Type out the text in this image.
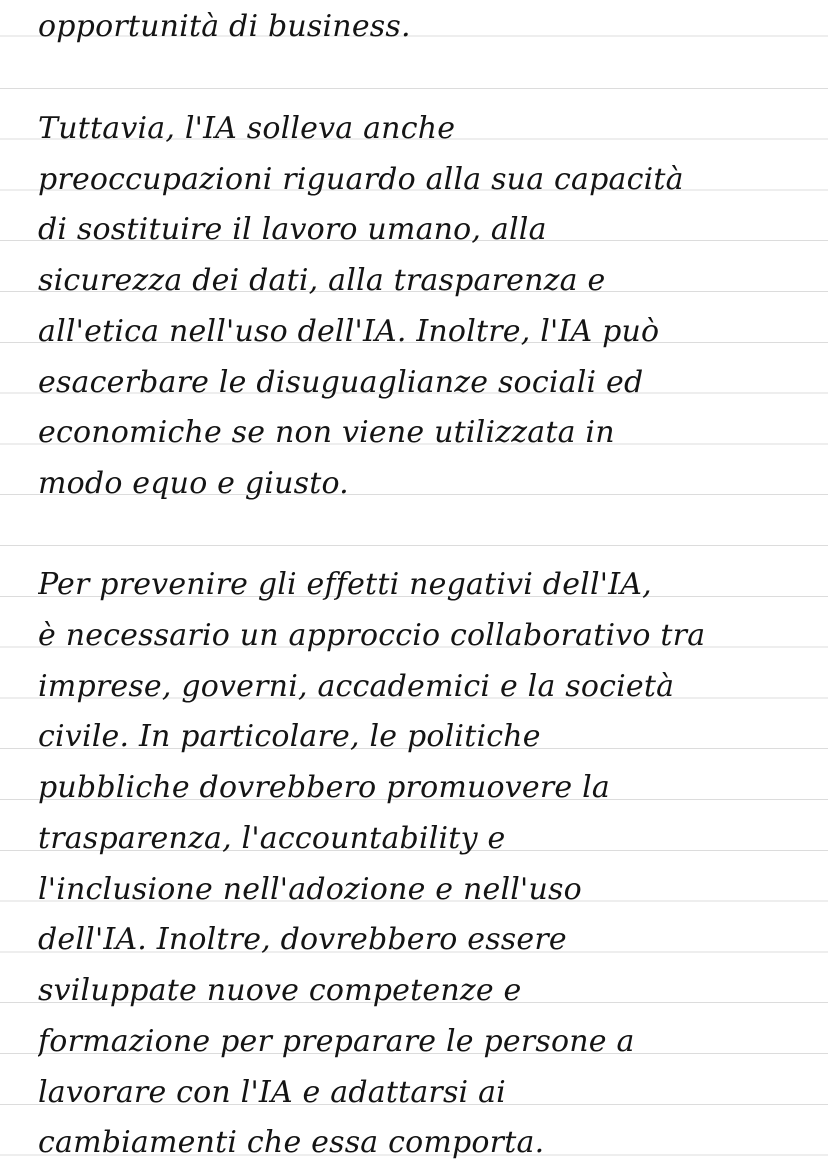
opportunità di business.
Tuttavia, l'IA solleva anche
preoccupazioni riguardo alla sua capacità
di sostituire il lavoro umano, alla
sicurezza dei dati, alla trasparenza e
all'etica nell'uso dell'IA. Inoltre, l'IA può
esacerbare le disuguaglianze sociali ed
economiche se non viene utilizzata in
modo equo e giusto.
Per prevenire gli effetti negativi dell'IA,
è necessario un approccio collaborativo tra
imprese, governi, accademici e la società
civile. In particolare, le politiche
pubbliche dovrebbero promuovere la
trasparenza, l'accountability e
l'inclusione nell'adozione e nell'uso
dell'IA. Inoltre, dovrebbero essere
sviluppate nuove competenze e
formazione per preparare le persone a
lavorare con l'IA e adattarsi ai
cambiamenti che essa comporta.
